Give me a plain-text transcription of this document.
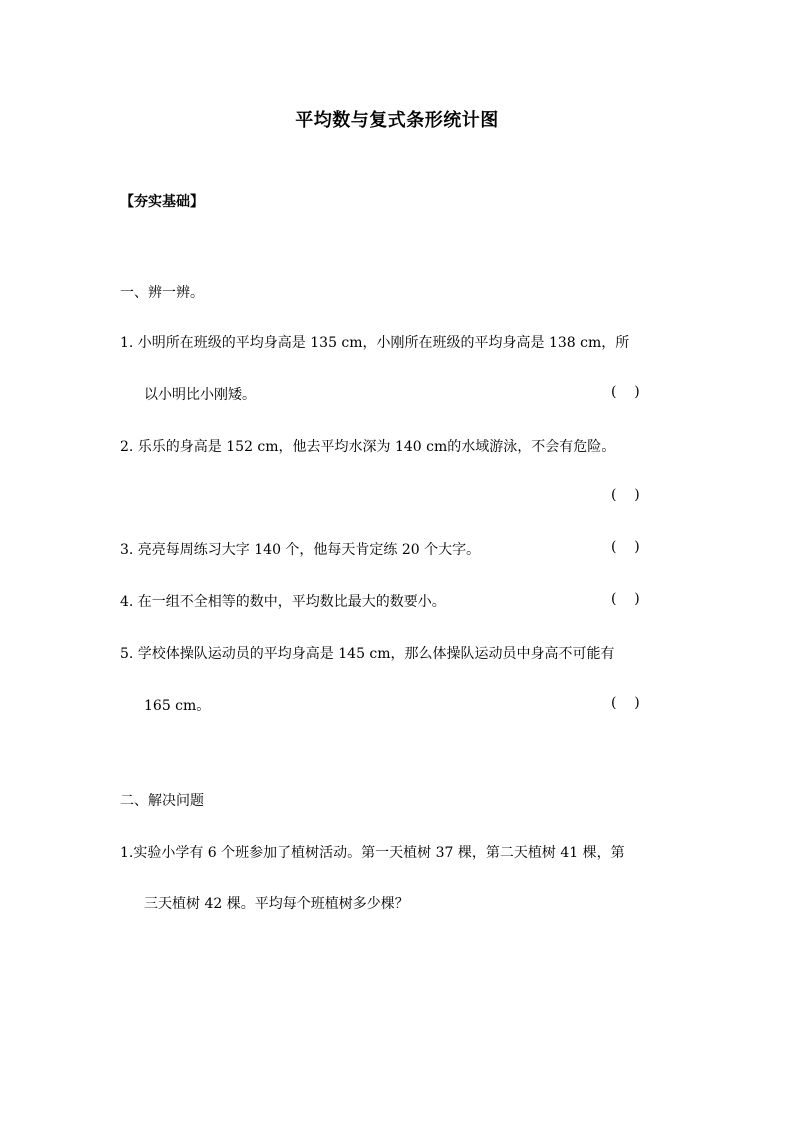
平均数与复式条形统计图
【夯实基础】
一、辨一辨。
1. 小明所在班级的平均身高是 135 cm，小刚所在班级的平均身高是 138 cm，所
以小明比小刚矮。	(    )
2. 乐乐的身高是 152 cm，他去平均水深为 140 cm的水域游泳，不会有危险。
(    )
3. 亮亮每周练习大字 140 个，他每天肯定练 20 个大字。	(    )
4. 在一组不全相等的数中，平均数比最大的数要小。	(    )
5. 学校体操队运动员的平均身高是 145 cm，那么体操队运动员中身高不可能有
165 cm。	(    )
二、解决问题
1.实验小学有 6 个班参加了植树活动。第一天植树 37 棵，第二天植树 41 棵，第
三天植树 42 棵。平均每个班植树多少棵？
